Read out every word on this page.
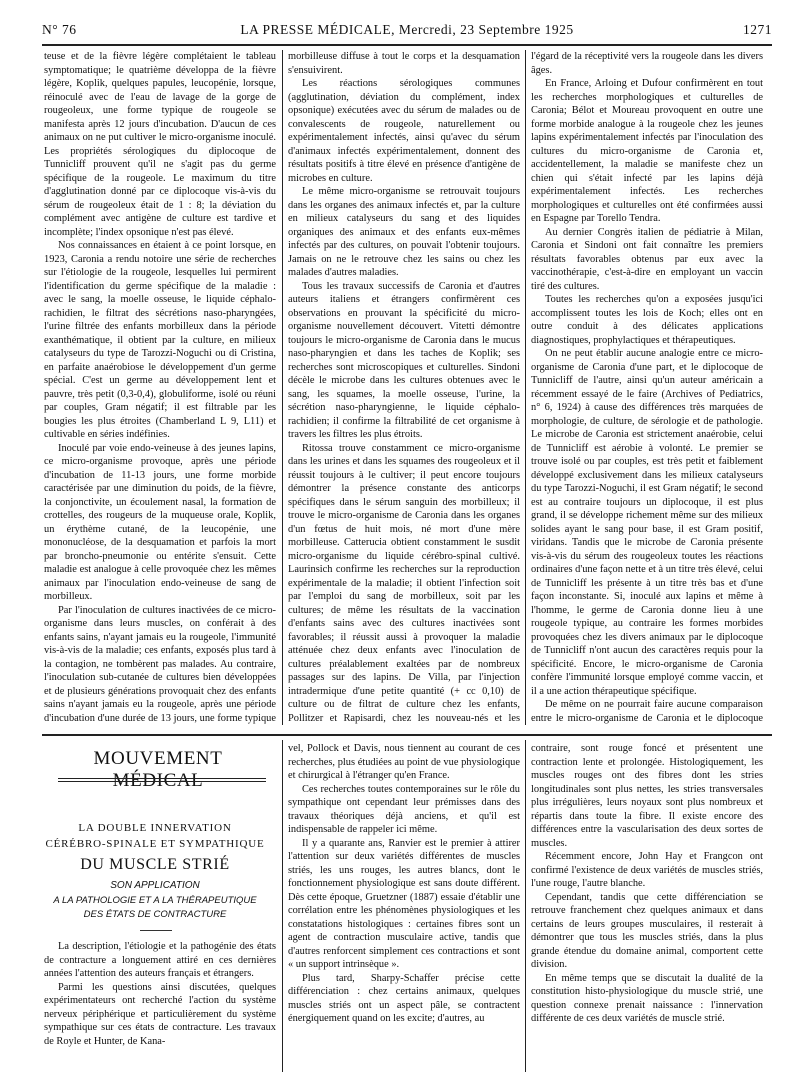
N° 76	LA PRESSE MÉDICALE, Mercredi, 23 Septembre 1925	1271

teuse et de la fièvre légère complétaient le tableau symptomatique; le quatrième développa de la fièvre légère, Koplik, quelques papules, leucopénie, lorsque, réinoculé avec de l'eau de lavage de la gorge de rougeoleux, une forme typique de rougeole se manifesta après 12 jours d'incubation. D'aucun de ces animaux on ne put cultiver le micro-organisme inoculé. Les propriétés sérologiques du diplocoque de Tunnicliff prouvent qu'il ne s'agit pas du germe spécifique de la rougeole. Le maximum du titre d'agglutination donné par ce diplocoque vis-à-vis du sérum de rougeoleux était de 1 : 8; la déviation du complément avec antigène de culture est tardive et incomplète; l'index opsonique n'est pas élevé.

Nos connaissances en étaient à ce point lorsque, en 1923, Caronia a rendu notoire une série de recherches sur l'étiologie de la rougeole, lesquelles lui permirent l'identification du germe spécifique de la maladie : avec le sang, la moelle osseuse, le liquide céphalo-rachidien, le filtrat des sécrétions naso-pharyngées, l'urine filtrée des enfants morbilleux dans la période exanthématique, il obtient par la culture, en milieux catalyseurs du type de Tarozzi-Noguchi ou di Cristina, en parfaite anaérobiose le développement d'un germe spécial. C'est un germe au développement lent et pauvre, très petit (0,3-0,4), globuliforme, isolé ou réuni par couples, Gram négatif; il est filtrable par les bougies les plus étroites (Chamberland L 9, L11) et cultivable en séries indéfinies.

Inoculé par voie endo-veineuse à des jeunes lapins, ce micro-organisme provoque, après une période d'incubation de 11-13 jours, une forme morbide caractérisée par une diminution du poids, de la fièvre, la conjonctivite, un écoulement nasal, la formation de crottelles, des rougeurs de la muqueuse orale, Koplik, un érythème cutané, de la leucopénie, une mononucléose, de la desquamation et parfois la mort par broncho-pneumonie ou entérite s'ensuit. Cette maladie est analogue à celle provoquée chez les mêmes animaux par l'inoculation endo-veineuse de sang de morbilleux.

Par l'inoculation de cultures inactivées de ce micro-organisme dans leurs muscles, on conférait à des enfants sains, n'ayant jamais eu la rougeole, l'immunité vis-à-vis de la maladie; ces enfants, exposés plus tard à la contagion, ne tombèrent pas malades. Au contraire, l'inoculation sub-cutanée de cultures bien développées et de plusieurs générations provoquait chez des enfants sains n'ayant jamais eu la rougeole, après une période d'incubation d'une durée de 13 jours, une forme typique

morbilleuse diffuse à tout le corps et la desquamation s'ensuivirent.

Les réactions sérologiques communes (agglutination, déviation du complément, index opsonique) exécutées avec du sérum de malades ou de convalescents de rougeole, naturellement ou expérimentalement infectés, ainsi qu'avec du sérum d'animaux infectés expérimentalement, donnent des résultats positifs à titre élevé en présence d'antigène de microbes en culture.

Le même micro-organisme se retrouvait toujours dans les organes des animaux infectés et, par la culture en milieux catalyseurs du sang et des liquides organiques des animaux et des enfants eux-mêmes infectés par des cultures, on pouvait l'obtenir toujours. Jamais on ne le retrouve chez les sains ou chez les malades d'autres maladies.

Tous les travaux successifs de Caronia et d'autres auteurs italiens et étrangers confirmèrent ces observations en prouvant la spécificité du micro-organisme nouvellement découvert. Vitetti démontre toujours le micro-organisme de Caronia dans le mucus naso-pharyngien et dans les taches de Koplik; ses recherches sont microscopiques et culturelles. Sindoni décèle le microbe dans les cultures obtenues avec le sang, les squames, la moelle osseuse, l'urine, la sécrétion naso-pharyngienne, le liquide céphalo-rachidien; il confirme la filtrabilité de cet organisme à travers les filtres les plus étroits.

Ritossa trouve constamment ce micro-organisme dans les urines et dans les squames des rougeoleux et il réussit toujours à le cultiver; il peut encore toujours démontrer la présence constante des anticorps spécifiques dans le sérum sanguin des morbilleux; il trouve le micro-organisme de Caronia dans les organes d'un fœtus de huit mois, né mort d'une mère morbilleuse. Catterucia obtient constamment le susdit micro-organisme du liquide cérébro-spinal cultivé. Laurinsich confirme les recherches sur la reproduction expérimentale de la maladie; il obtient l'infection soit par l'emploi du sang de morbilleux, soit par les cultures; de même les résultats de la vaccination d'enfants sains avec des cultures inactivées sont favorables; il réussit aussi à provoquer la maladie atténuée chez deux enfants avec l'inoculation de cultures préalablement exaltées par de nombreux passages sur des lapins. De Villa, par l'injection intradermique d'une petite quantité (+ cc 0,10) de culture ou de filtrat de culture chez les enfants, Pollitzer et Rapisardi, chez les nouveau-nés et les

l'égard de la réceptivité vers la rougeole dans les divers âges.

En France, Arloing et Dufour confirmèrent en tout les recherches morphologiques et culturelles de Caronia; Bélot et Moureau provoquent en outre une forme morbide analogue à la rougeole chez les jeunes lapins expérimentalement infectés par l'inoculation des cultures du micro-organisme de Caronia et, accidentellement, la maladie se manifeste chez un chien qui s'était infecté par les lapins déjà expérimentalement infectés. Les recherches morphologiques et culturelles ont été confirmées aussi en Espagne par Torello Tendra.

Au dernier Congrès italien de pédiatrie à Milan, Caronia et Sindoni ont fait connaître les premiers résultats favorables obtenus par eux avec la vaccinothérapie, c'est-à-dire en employant un vaccin tiré des cultures.

Toutes les recherches qu'on a exposées jusqu'ici accomplissent toutes les lois de Koch; elles ont en outre conduit à des délicates applications diagnostiques, prophylactiques et thérapeutiques.

On ne peut établir aucune analogie entre ce micro-organisme de Caronia d'une part, et le diplocoque de Tunnicliff de l'autre, ainsi qu'un auteur américain a récemment essayé de le faire (Archives of Pediatrics, n° 6, 1924) à cause des différences très marquées de morphologie, de culture, de sérologie et de pathologie. Le microbe de Caronia est strictement anaérobie, celui de Tunnicliff est aérobie à volonté. Le premier se trouve isolé ou par couples, est très petit et faiblement développé exclusivement dans les milieux catalyseurs du type Tarozzi-Noguchi, il est Gram négatif; le second est au contraire toujours un diplocoque, il est plus grand, il se développe richement même sur des milieux solides ayant le sang pour base, il est Gram positif, viridans. Tandis que le microbe de Caronia présente vis-à-vis du sérum des rougeoleux toutes les réactions ordinaires d'une façon nette et à un titre très élevé, celui de Tunnicliff les présente à un titre très bas et d'une façon inconstante. Si, inoculé aux lapins et même à l'homme, le germe de Caronia donne lieu à une rougeole typique, au contraire les formes morbides provoquées chez les divers animaux par le diplocoque de Tunnicliff n'ont aucun des caractères requis pour la spécificité. Encore, le micro-organisme de Caronia confère l'immunité lorsque employé comme vaccin, et il a une action thérapeutique spécifique.

De même on ne pourrait faire aucune comparaison entre le micro-organisme de Caronia et le diplocoque

MOUVEMENT
LA DOUBLE INNERVATION
CÉRÉBRO-SPINALE ET SYMPATHIQUE
DU MUSCLE STRIÉ
SON APPLICATION
A LA PATHOLOGIE ET A LA THÉRAPEUTIQUE
DES ÉTATS DE CONTRACTURE

La description, l'étiologie et la pathogénie des états de contracture a longuement attiré en ces dernières années l'attention des auteurs français et étrangers.

Parmi les questions ainsi discutées, quelques expérimentateurs ont recherché l'action du système nerveux périphérique et particulièrement du système sympathique sur ces états de contracture. Les travaux de Royle et Hunter, de Kana-

vel, Pollock et Davis, nous tiennent au courant de ces recherches, plus étudiées au point de vue physiologique et chirurgical à l'étranger qu'en France.

Ces recherches toutes contemporaines sur le rôle du sympathique ont cependant leur prémisses dans des travaux théoriques déjà anciens, et qu'il est indispensable de rappeler ici même.

Il y a quarante ans, Ranvier est le premier à attirer l'attention sur deux variétés différentes de muscles striés, les uns rouges, les autres blancs, dont le fonctionnement physiologique est sans doute différent. Dès cette époque, Gruetzner (1887) essaie d'établir une corrélation entre les phénomènes physiologiques et les constatations histologiques : certaines fibres sont un agent de contraction musculaire active, tandis que d'autres renforcent simplement ces contractions et sont « un support intrinsèque ».

Plus tard, Sharpy-Schaffer précise cette différenciation : chez certains animaux, quelques muscles striés ont un aspect pâle, se contractent énergiquement quand on les excite; d'autres, au

contraire, sont rouge foncé et présentent une contraction lente et prolongée. Histologiquement, les muscles rouges ont des fibres dont les stries longitudinales sont plus nettes, les stries transversales plus irrégulières, leurs noyaux sont plus nombreux et répartis dans toute la fibre. Il existe encore des différences entre la vascularisation des deux sortes de muscles.

Récemment encore, John Hay et Frangcon ont confirmé l'existence de deux variétés de muscles striés, l'une rouge, l'autre blanche.

Cependant, tandis que cette différenciation se retrouve franchement chez quelques animaux et dans certains de leurs groupes musculaires, il resterait à démontrer que tous les muscles striés, dans la plus grande étendue du domaine animal, comportent cette division.

En même temps que se discutait la dualité de la constitution histo-physiologique du muscle strié, une question connexe prenait naissance : l'innervation différente de ces deux variétés de muscle strié.
